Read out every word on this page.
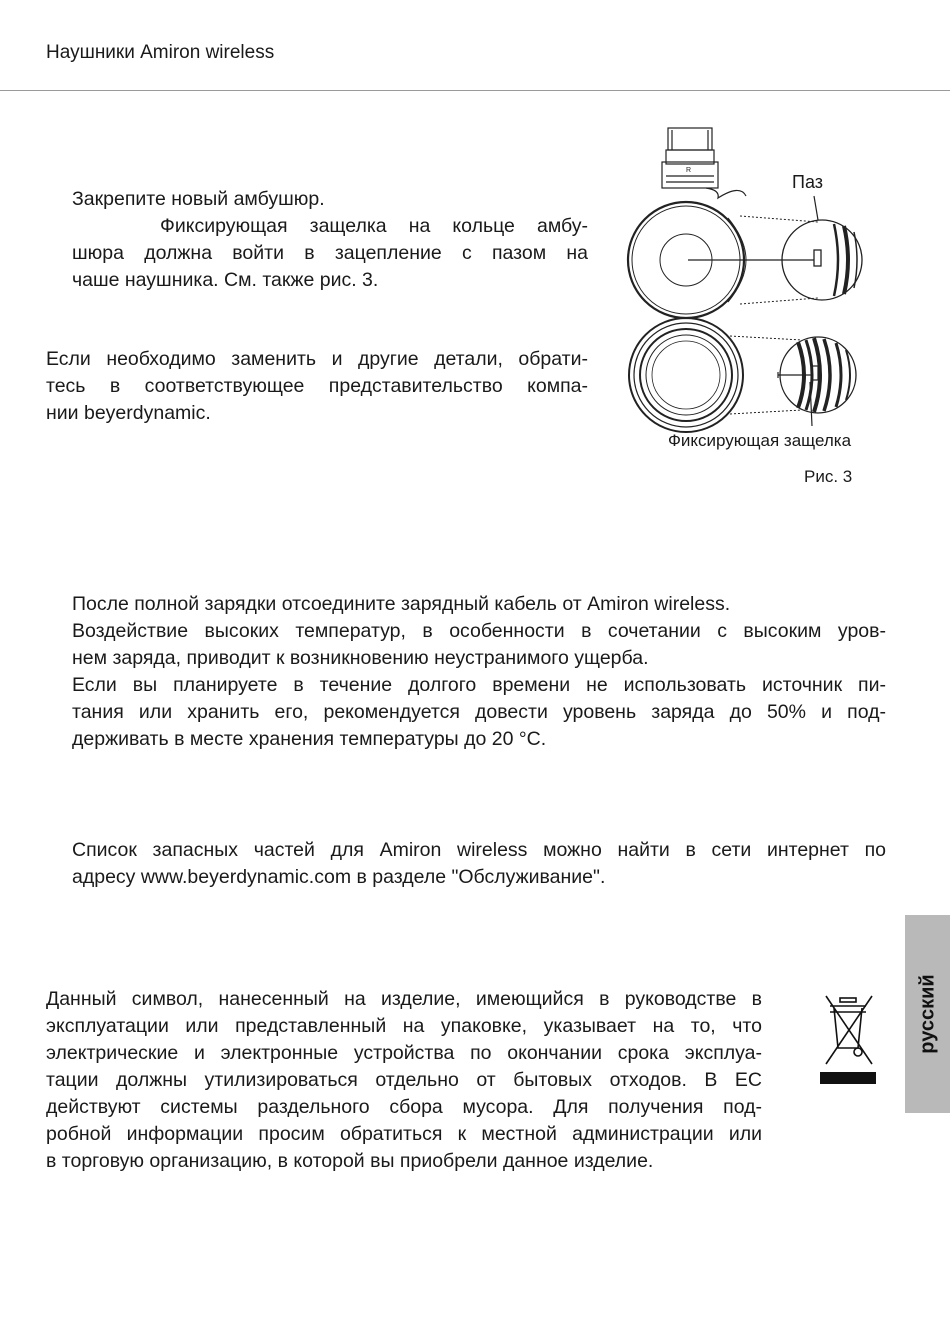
Наушники Amiron wireless
Закрепите новый амбушюр.
Фиксирующая защелка на кольце амбу-
шюра должна войти в зацепление с пазом на
чаше наушника. См. также рис. 3.
Если необходимо заменить и другие детали, обрати-
тесь в соответствующее представительство компа-
нии beyerdynamic.
R
Паз
Фиксирующая защелка
Рис. 3
После полной зарядки отсоедините зарядный кабель от Amiron wireless.
Воздействие высоких температур, в особенности в сочетании с высоким уров-
нем заряда, приводит к возникновению неустранимого ущерба.
Если вы планируете в течение долгого времени не использовать источник пи-
тания или хранить его, рекомендуется довести уровень заряда до 50% и под-
держивать в месте хранения температуры до 20 °C.
Список запасных частей для Amiron wireless можно найти в сети интернет по
адресу www.beyerdynamic.com в разделе "Обслуживание".
Данный символ, нанесенный на изделие, имеющийся в руководстве в
эксплуатации или представленный на упаковке, указывает на то, что
электрические и электронные устройства по окончании срока эксплуа-
тации должны утилизироваться отдельно от бытовых отходов. В ЕС
действуют системы раздельного сбора мусора. Для получения под-
робной информации просим обратиться к местной администрации или
в торговую организацию, в которой вы приобрели данное изделие.
русский
